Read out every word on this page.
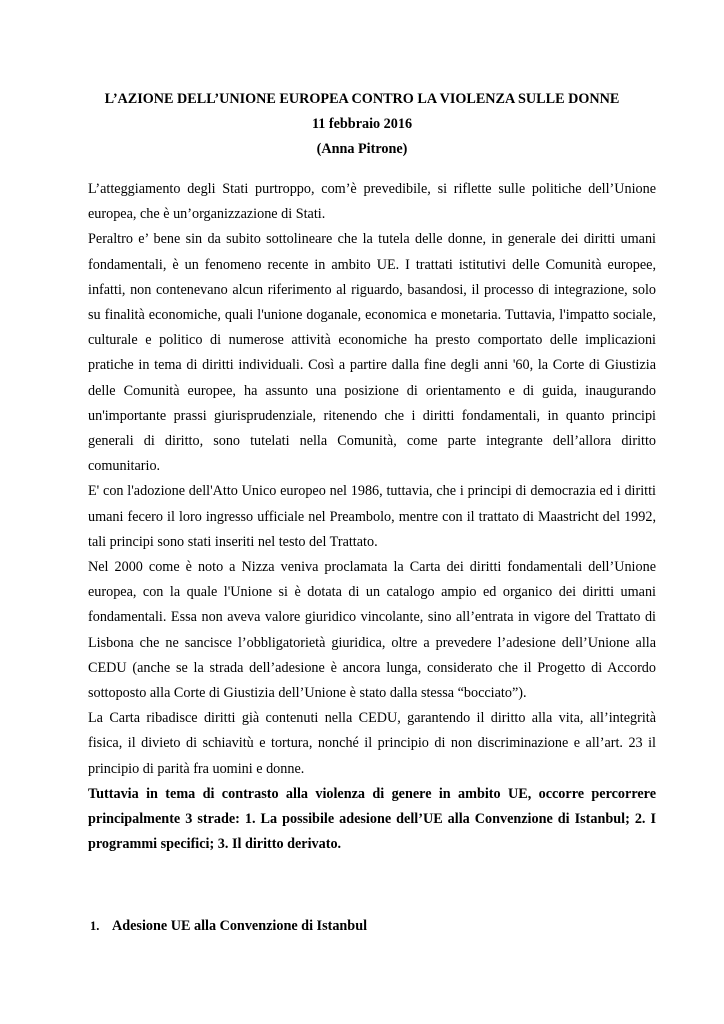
L’AZIONE DELL’UNIONE EUROPEA CONTRO LA VIOLENZA SULLE DONNE
11 febbraio 2016
(Anna Pitrone)

L’atteggiamento degli Stati purtroppo, com’è prevedibile, si riflette sulle politiche dell’Unione europea, che è un’organizzazione di Stati.

Peraltro e’ bene sin da subito sottolineare che la tutela delle donne, in generale dei diritti umani fondamentali, è un fenomeno recente in ambito UE. I trattati istitutivi delle Comunità europee, infatti, non contenevano alcun riferimento al riguardo, basandosi, il processo di integrazione, solo su finalità economiche, quali l'unione doganale, economica e monetaria. Tuttavia, l'impatto sociale, culturale e politico di numerose attività economiche ha presto comportato delle implicazioni pratiche in tema di diritti individuali. Così a partire dalla fine degli anni '60, la Corte di Giustizia delle Comunità europee, ha assunto una posizione di orientamento e di guida, inaugurando un'importante prassi giurisprudenziale, ritenendo che i diritti fondamentali, in quanto principi generali di diritto, sono tutelati nella Comunità, come parte integrante dell’allora diritto comunitario.

E' con l'adozione dell'Atto Unico europeo nel 1986, tuttavia, che i principi di democrazia ed i diritti umani fecero il loro ingresso ufficiale nel Preambolo, mentre con il trattato di Maastricht del 1992, tali principi sono stati inseriti nel testo del Trattato.

Nel 2000 come è noto a Nizza veniva proclamata la Carta dei diritti fondamentali dell’Unione europea, con la quale l'Unione si è dotata di un catalogo ampio ed organico dei diritti umani fondamentali. Essa non aveva valore giuridico vincolante, sino all’entrata in vigore del Trattato di Lisbona che ne sancisce l’obbligatorietà giuridica, oltre a prevedere l’adesione dell’Unione alla CEDU (anche se la strada dell’adesione è ancora lunga, considerato che il Progetto di Accordo sottoposto alla Corte di Giustizia dell’Unione è stato dalla stessa “bocciato”).

La Carta ribadisce diritti già contenuti nella CEDU, garantendo il diritto alla vita, all’integrità fisica, il divieto di schiavitù e tortura, nonché il principio di non discriminazione e all’art. 23 il principio di parità fra uomini e donne.

Tuttavia in tema di contrasto alla violenza di genere in ambito UE, occorre percorrere principalmente 3 strade: 1. La possibile adesione dell’UE alla Convenzione di Istanbul; 2. I programmi specifici; 3. Il diritto derivato.

1. Adesione UE alla Convenzione di Istanbul
